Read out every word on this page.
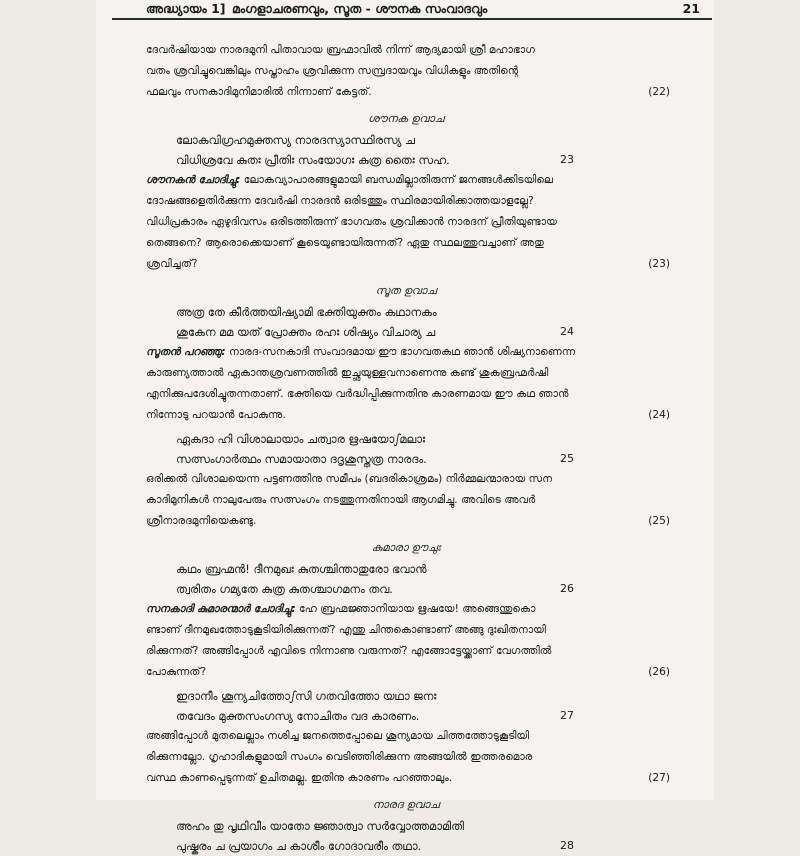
അദ്ധ്യായം 1] മംഗളാചരണവും, സൂത - ശൗനക സംവാദവും	21
ദേവർഷിയായ നാരദമുനി പിതാവായ ബ്രഹ്മാവിൽ നിന്ന് ആദ്യമായി ശ്രീ മഹാഭാഗ
വതം ശ്രവിച്ചുവെങ്കിലും സപ്താഹം ശ്രവിക്കുന്ന സമ്പ്രദായവും വിധികളും അതിന്റെ
ഫലവും സനകാദിമുനിമാരിൽ നിന്നാണ് കേട്ടത്.	(22)
ശൗനക ഉവാച
ലോകവിഗ്രഹമുക്തസ്യ നാരദസ്യാസ്ഥിരസ്യ ച
വിധിശ്രവേ കുതഃ പ്രീതിഃ സംയോഗഃ കുത്ര തൈഃ സഹ.	23
ശൗനകൻ ചോദിച്ചു: ലോകവ്യാപാരങ്ങളുമായി ബന്ധമില്ലാതിരുന്ന് ജനങ്ങൾക്കിടയിലെ
ദോഷങ്ങളെതിർക്കുന്ന ദേവർഷി നാരദൻ ഒരിടത്തും സ്ഥിരമായിരിക്കാത്തയാളല്ലേ?
വിധിപ്രകാരം ഏഴുദിവസം ഒരിടത്തിരുന്ന് ഭാഗവതം ശ്രവിക്കാൻ നാരദന് പ്രീതിയുണ്ടായ
തെങ്ങനെ? ആരൊക്കെയാണ് കൂടെയുണ്ടായിരുന്നത്? ഏതു സ്ഥലത്തുവച്ചാണ് അതു
ശ്രവിച്ചത്?	(23)
സൂത ഉവാച
അത്ര തേ കീർത്തയിഷ്യാമി ഭക്തിയുക്തം കഥാനകം
ശുകേന മമ യത് പ്രോക്തം രഹഃ ശിഷ്യം വിചാര്യ ച	24
സൂതൻ പറഞ്ഞു: നാരദ-സനകാദി സംവാദമായ ഈ ഭാഗവതകഥ ഞാൻ ശിഷ്യനാണെന്ന
കാരുണ്യത്താൽ ഏകാന്തശ്രവണത്തിൽ ഇച്ഛയുള്ളവനാണെന്നു കണ്ട് ശുകബ്രഹ്മർഷി
എനിക്കുപദേശിച്ചുതന്നതാണ്. ഭക്തിയെ വർദ്ധിപ്പിക്കുന്നതിനു കാരണമായ ഈ കഥ ഞാൻ
നിന്നോടു പറയാൻ പോകുന്നു.	(24)
ഏകദാ ഹി വിശാലായാം ചത്വാര ഋഷയോഽമലാഃ
സത്സംഗാർത്ഥം സമായാതാ ദദൃശുസ്തത്ര നാരദം.	25
ഒരിക്കൽ വിശാലയെന്ന പട്ടണത്തിനു സമീപം (ബദരികാശ്രമം) നിർമ്മലന്മാരായ സന
കാദിമുനികൾ നാലുപേരും സത്സംഗം നടത്തുന്നതിനായി ആഗമിച്ചു. അവിടെ അവർ
ശ്രീനാരദമുനിയെകണ്ടു.	(25)
കുമാരാ ഊചുഃ
കഥം ബ്രഹ്മൻ! ദീനമുഖഃ കുതശ്ചിന്താതുരോ ഭവാൻ
ത്വരിതം ഗമ്യതേ കുത്ര കുതശ്ചാഗമനം തവ.	26
സനകാദി കുമാരന്മാർ ചോദിച്ചു: ഹേ ബ്രഹ്മജ്ഞാനിയായ ഋഷയേ! അങ്ങെന്തുകൊ
ണ്ടാണ് ദീനമുഖത്തോടുകൂടിയിരിക്കുന്നത്? എന്തു ചിന്തകൊണ്ടാണ് അങ്ങു ദുഃഖിതനായി
രിക്കുന്നത്? അങ്ങിപ്പോൾ എവിടെ നിന്നാണു വരുന്നത്? എങ്ങോട്ടേയ്ക്കാണ് വേഗത്തിൽ
പോകുന്നത്?	(26)
ഇദാനീം ശൂന്യചിത്തോഽസി ഗതവിത്തോ യഥാ ജനഃ
തവേദം മുക്തസംഗസ്യ നോചിതം വദ കാരണം.	27
അങ്ങിപ്പോൾ മുതലെല്ലാം നശിച്ച ജനത്തെപ്പോലെ ശൂന്യമായ ചിത്തത്തോടുകൂടിയി
രിക്കുന്നല്ലോ. ഗൃഹാദികളുമായി സംഗം വെടിഞ്ഞിരിക്കുന്ന അങ്ങയിൽ ഇത്തരമൊര
വസ്ഥ കാണപ്പെടുന്നത് ഉചിതമല്ല. ഇതിനു കാരണം പറഞ്ഞാലും.	(27)
നാരദ ഉവാച
അഹം തു പൃഥിവീം യാതോ ജ്ഞാത്വാ സർവ്വോത്തമാമിതി
പുഷ്കരം ച പ്രയാഗം ച കാശീം ഗോദാവരീം തഥാ.	28
